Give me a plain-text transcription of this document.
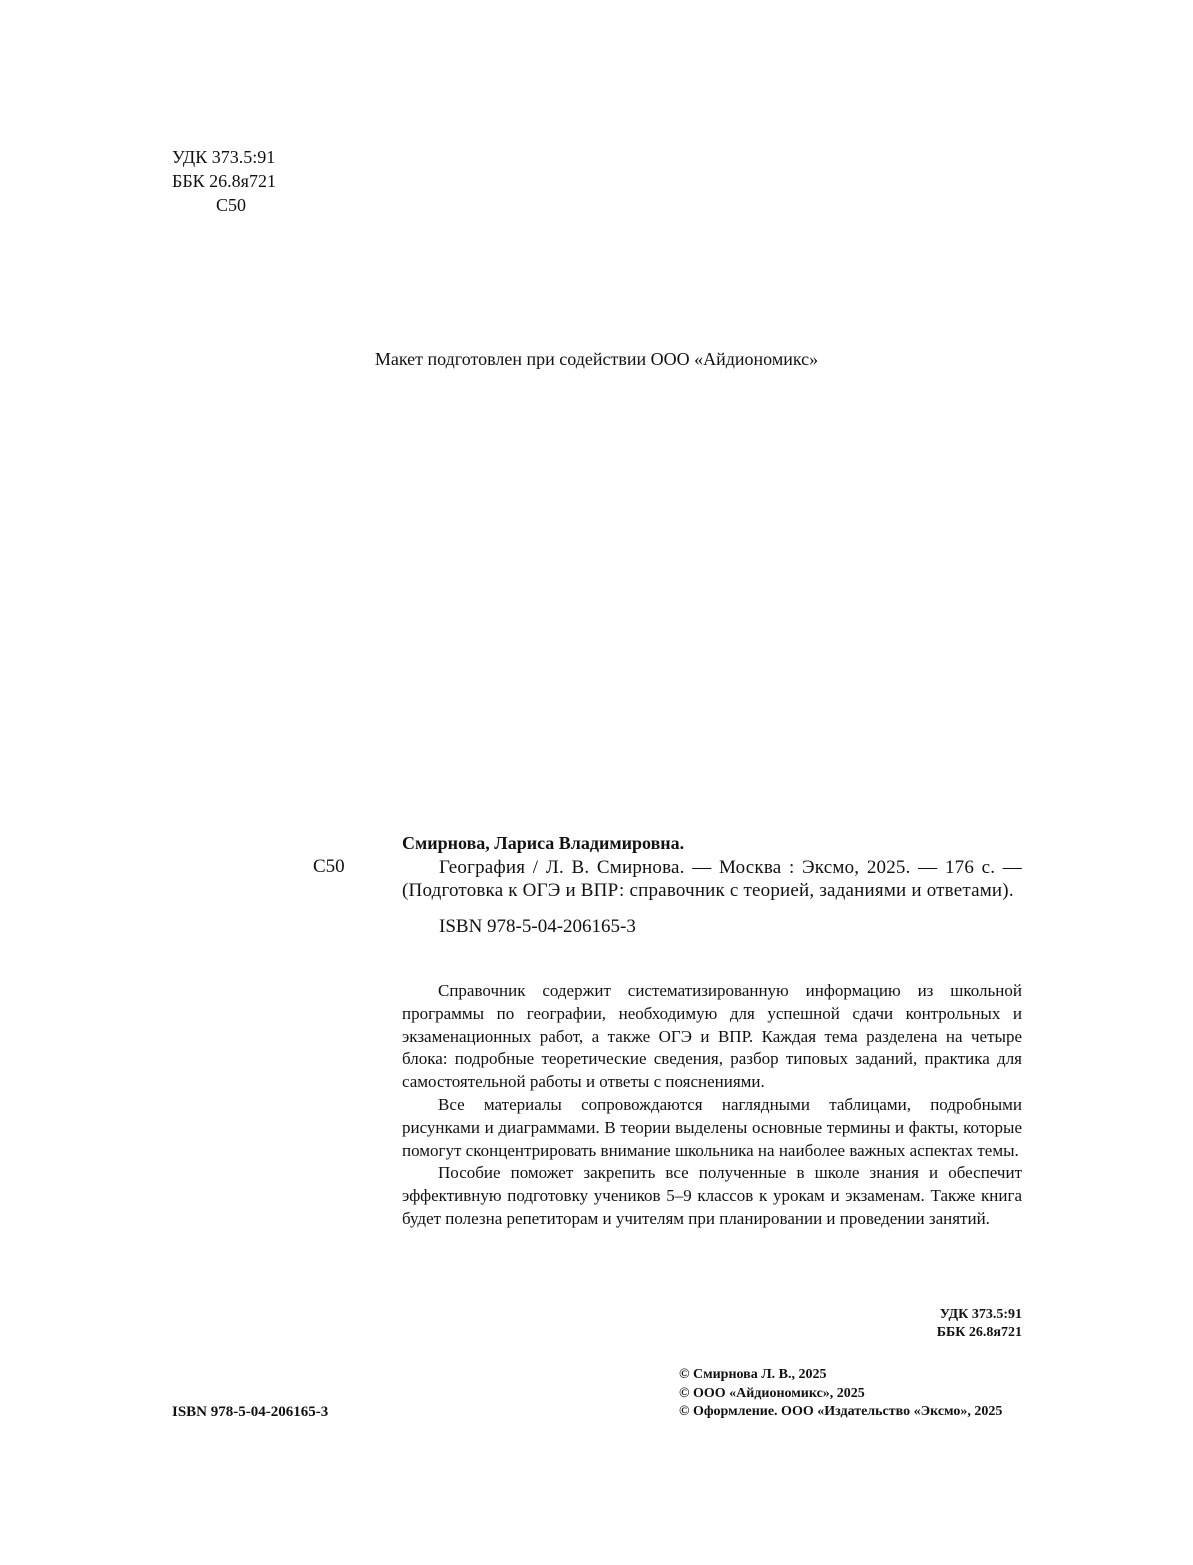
УДК 373.5:91
ББК 26.8я721
С50
Макет подготовлен при содействии ООО «Айдиономикс»
С50
Смирнова, Лариса Владимировна.
География / Л. В. Смирнова. — Москва : Эксмо, 2025. — 176 с. — (Подготовка к ОГЭ и ВПР: справочник с теорией, заданиями и ответами).
ISBN 978-5-04-206165-3

Справочник содержит систематизированную информацию из школьной программы по географии, необходимую для успешной сдачи контрольных и экзаменационных работ, а также ОГЭ и ВПР. Каждая тема разделена на четыре блока: подробные теоретические сведения, разбор типовых заданий, практика для самостоятельной работы и ответы с пояснениями.

Все материалы сопровождаются наглядными таблицами, подробными рисунками и диаграммами. В теории выделены основные термины и факты, которые помогут сконцентрировать внимание школьника на наиболее важных аспектах темы.

Пособие поможет закрепить все полученные в школе знания и обеспечит эффективную подготовку учеников 5–9 классов к урокам и экзаменам. Также книга будет полезна репетиторам и учителям при планировании и проведении занятий.

УДК 373.5:91
ББК 26.8я721
ISBN 978-5-04-206165-3
© Смирнова Л. В., 2025
© ООО «Айдиономикс», 2025
© Оформление. ООО «Издательство «Эксмо», 2025
